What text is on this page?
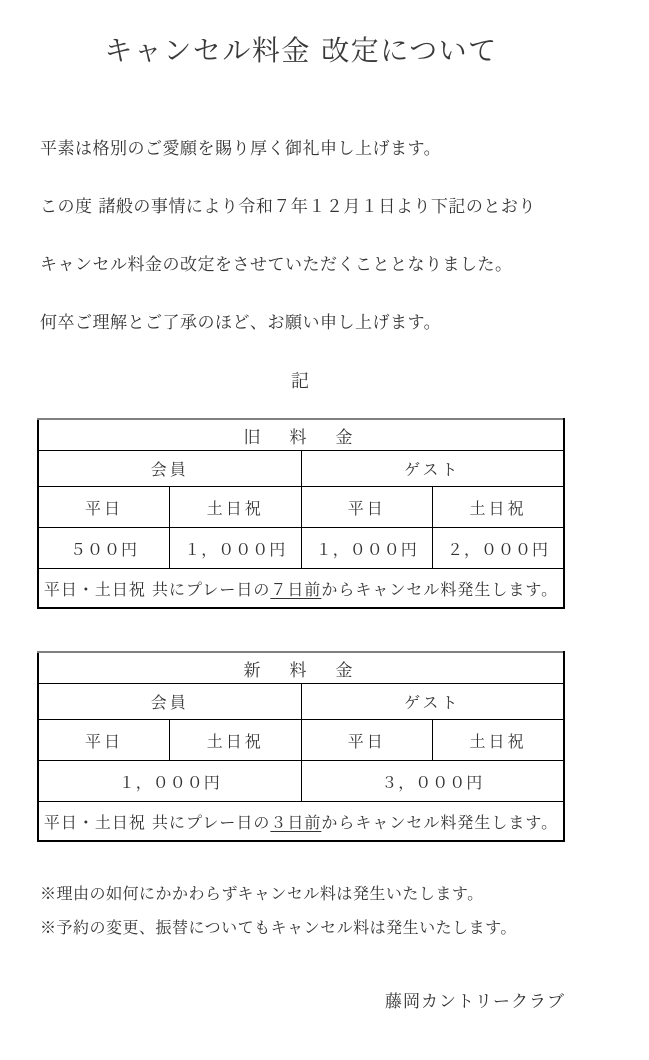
キャンセル料金 改定について

平素は格別のご愛願を賜り厚く御礼申し上げます。

この度 諸般の事情により令和７年１２月１日より下記のとおり

キャンセル料金の改定をさせていただくこととなりました。

何卒ご理解とご了承のほど、お願い申し上げます。

記

旧　料　金			
会員		ゲスト	
平日	土日祝	平日	土日祝
５００円	１，０００円	１，０００円	２，０００円
平日・土日祝 共にプレー日の７日前からキャンセル料発生します。			
新　料　金			
会員		ゲスト	
平日	土日祝	平日	土日祝
１，０００円		３，０００円	
平日・土日祝 共にプレー日の３日前からキャンセル料発生します。			

※理由の如何にかかわらずキャンセル料は発生いたします。

※予約の変更、振替についてもキャンセル料は発生いたします。

藤岡カントリークラブ
